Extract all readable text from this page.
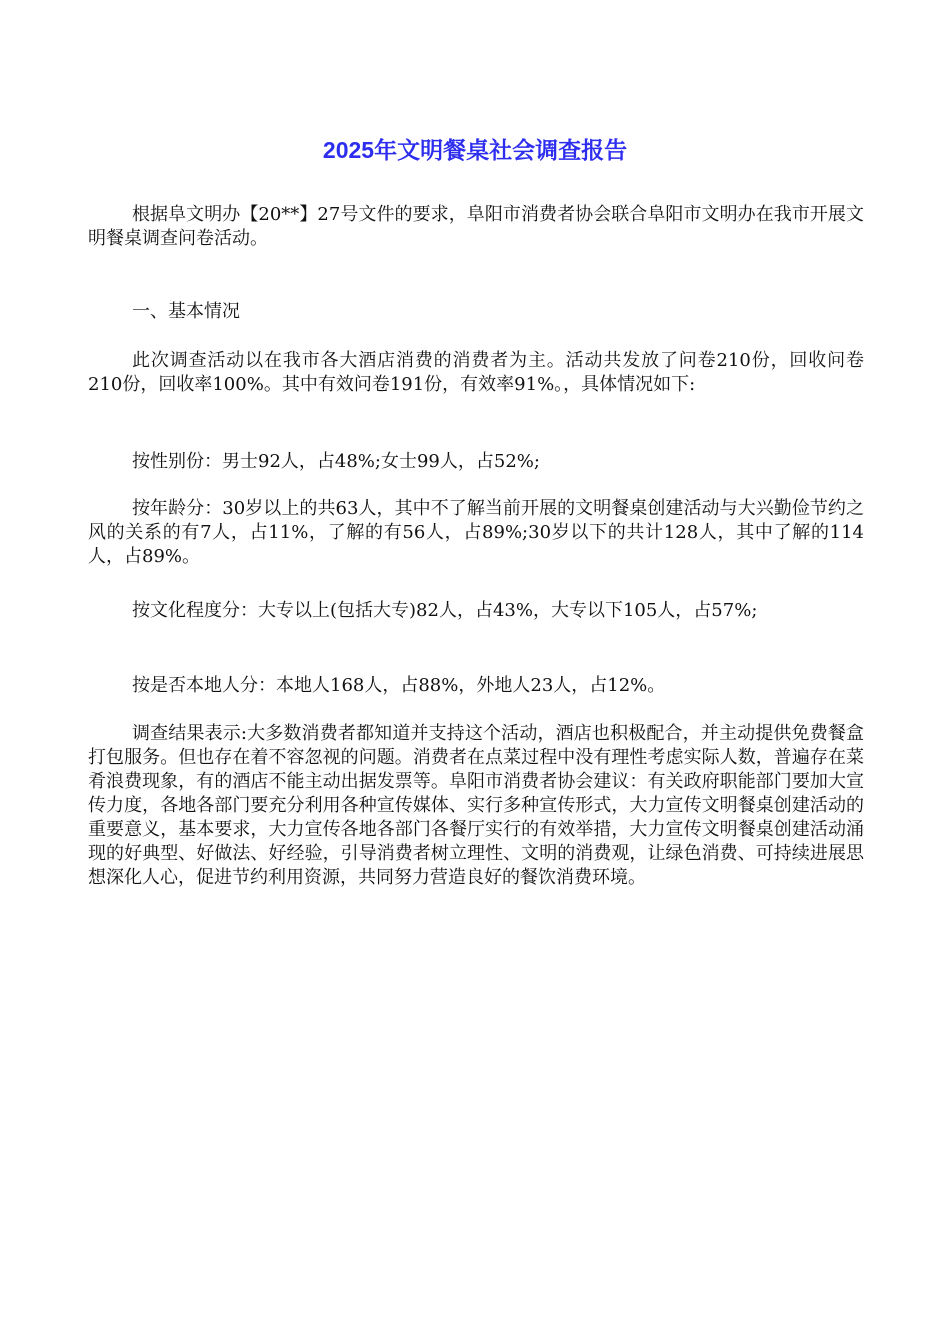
2025年文明餐桌社会调查报告

根据阜文明办【20**】27号文件的要求，阜阳市消费者协会联合阜阳市文明办在我市开展文明餐桌调查问卷活动。

一、基本情况

此次调查活动以在我市各大酒店消费的消费者为主。活动共发放了问卷210份，回收问卷210份，回收率100%。其中有效问卷191份，有效率91%。，具体情况如下:

按性别份：男士92人，占48%;女士99人，占52%;

按年龄分：30岁以上的共63人，其中不了解当前开展的文明餐桌创建活动与大兴勤俭节约之风的关系的有7人，占11%，了解的有56人，占89%;30岁以下的共计128人，其中了解的114人，占89%。

按文化程度分：大专以上(包括大专)82人，占43%，大专以下105人，占57%;

按是否本地人分：本地人168人，占88%，外地人23人，占12%。

调查结果表示:大多数消费者都知道并支持这个活动，酒店也积极配合，并主动提供免费餐盒打包服务。但也存在着不容忽视的问题。消费者在点菜过程中没有理性考虑实际人数，普遍存在菜肴浪费现象，有的酒店不能主动出据发票等。阜阳市消费者协会建议：有关政府职能部门要加大宣传力度，各地各部门要充分利用各种宣传媒体、实行多种宣传形式，大力宣传文明餐桌创建活动的重要意义，基本要求，大力宣传各地各部门各餐厅实行的有效举措，大力宣传文明餐桌创建活动涌现的好典型、好做法、好经验，引导消费者树立理性、文明的消费观，让绿色消费、可持续进展思想深化人心，促进节约利用资源，共同努力营造良好的餐饮消费环境。
